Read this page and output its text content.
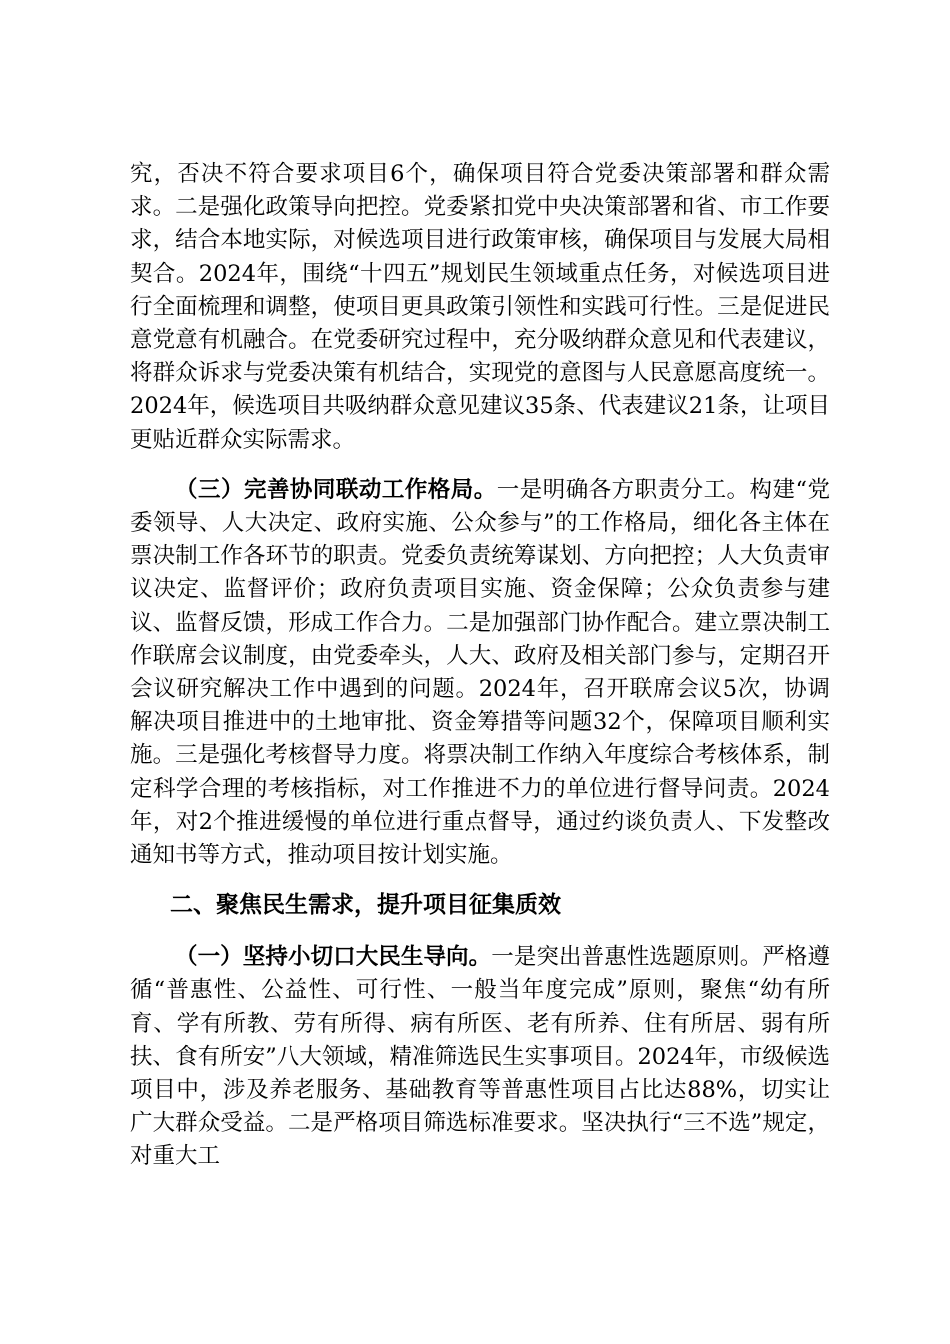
究，否决不符合要求项目6个，确保项目符合党委决策部署和群众需求。二是强化政策导向把控。党委紧扣党中央决策部署和省、市工作要求，结合本地实际，对候选项目进行政策审核，确保项目与发展大局相契合。2024年，围绕“十四五”规划民生领域重点任务，对候选项目进行全面梳理和调整，使项目更具政策引领性和实践可行性。三是促进民意党意有机融合。在党委研究过程中，充分吸纳群众意见和代表建议，将群众诉求与党委决策有机结合，实现党的意图与人民意愿高度统一。2024年，候选项目共吸纳群众意见建议35条、代表建议21条，让项目更贴近群众实际需求。

（三）完善协同联动工作格局。一是明确各方职责分工。构建“党委领导、人大决定、政府实施、公众参与”的工作格局，细化各主体在票决制工作各环节的职责。党委负责统筹谋划、方向把控；人大负责审议决定、监督评价；政府负责项目实施、资金保障；公众负责参与建议、监督反馈，形成工作合力。二是加强部门协作配合。建立票决制工作联席会议制度，由党委牵头，人大、政府及相关部门参与，定期召开会议研究解决工作中遇到的问题。2024年，召开联席会议5次，协调解决项目推进中的土地审批、资金筹措等问题32个，保障项目顺利实施。三是强化考核督导力度。将票决制工作纳入年度综合考核体系，制定科学合理的考核指标，对工作推进不力的单位进行督导问责。2024年，对2个推进缓慢的单位进行重点督导，通过约谈负责人、下发整改通知书等方式，推动项目按计划实施。

二、聚焦民生需求，提升项目征集质效

（一）坚持小切口大民生导向。一是突出普惠性选题原则。严格遵循“普惠性、公益性、可行性、一般当年度完成”原则，聚焦“幼有所育、学有所教、劳有所得、病有所医、老有所养、住有所居、弱有所扶、食有所安”八大领域，精准筛选民生实事项目。2024年，市级候选项目中，涉及养老服务、基础教育等普惠性项目占比达88%，切实让广大群众受益。二是严格项目筛选标准要求。坚决执行“三不选”规定，对重大工
